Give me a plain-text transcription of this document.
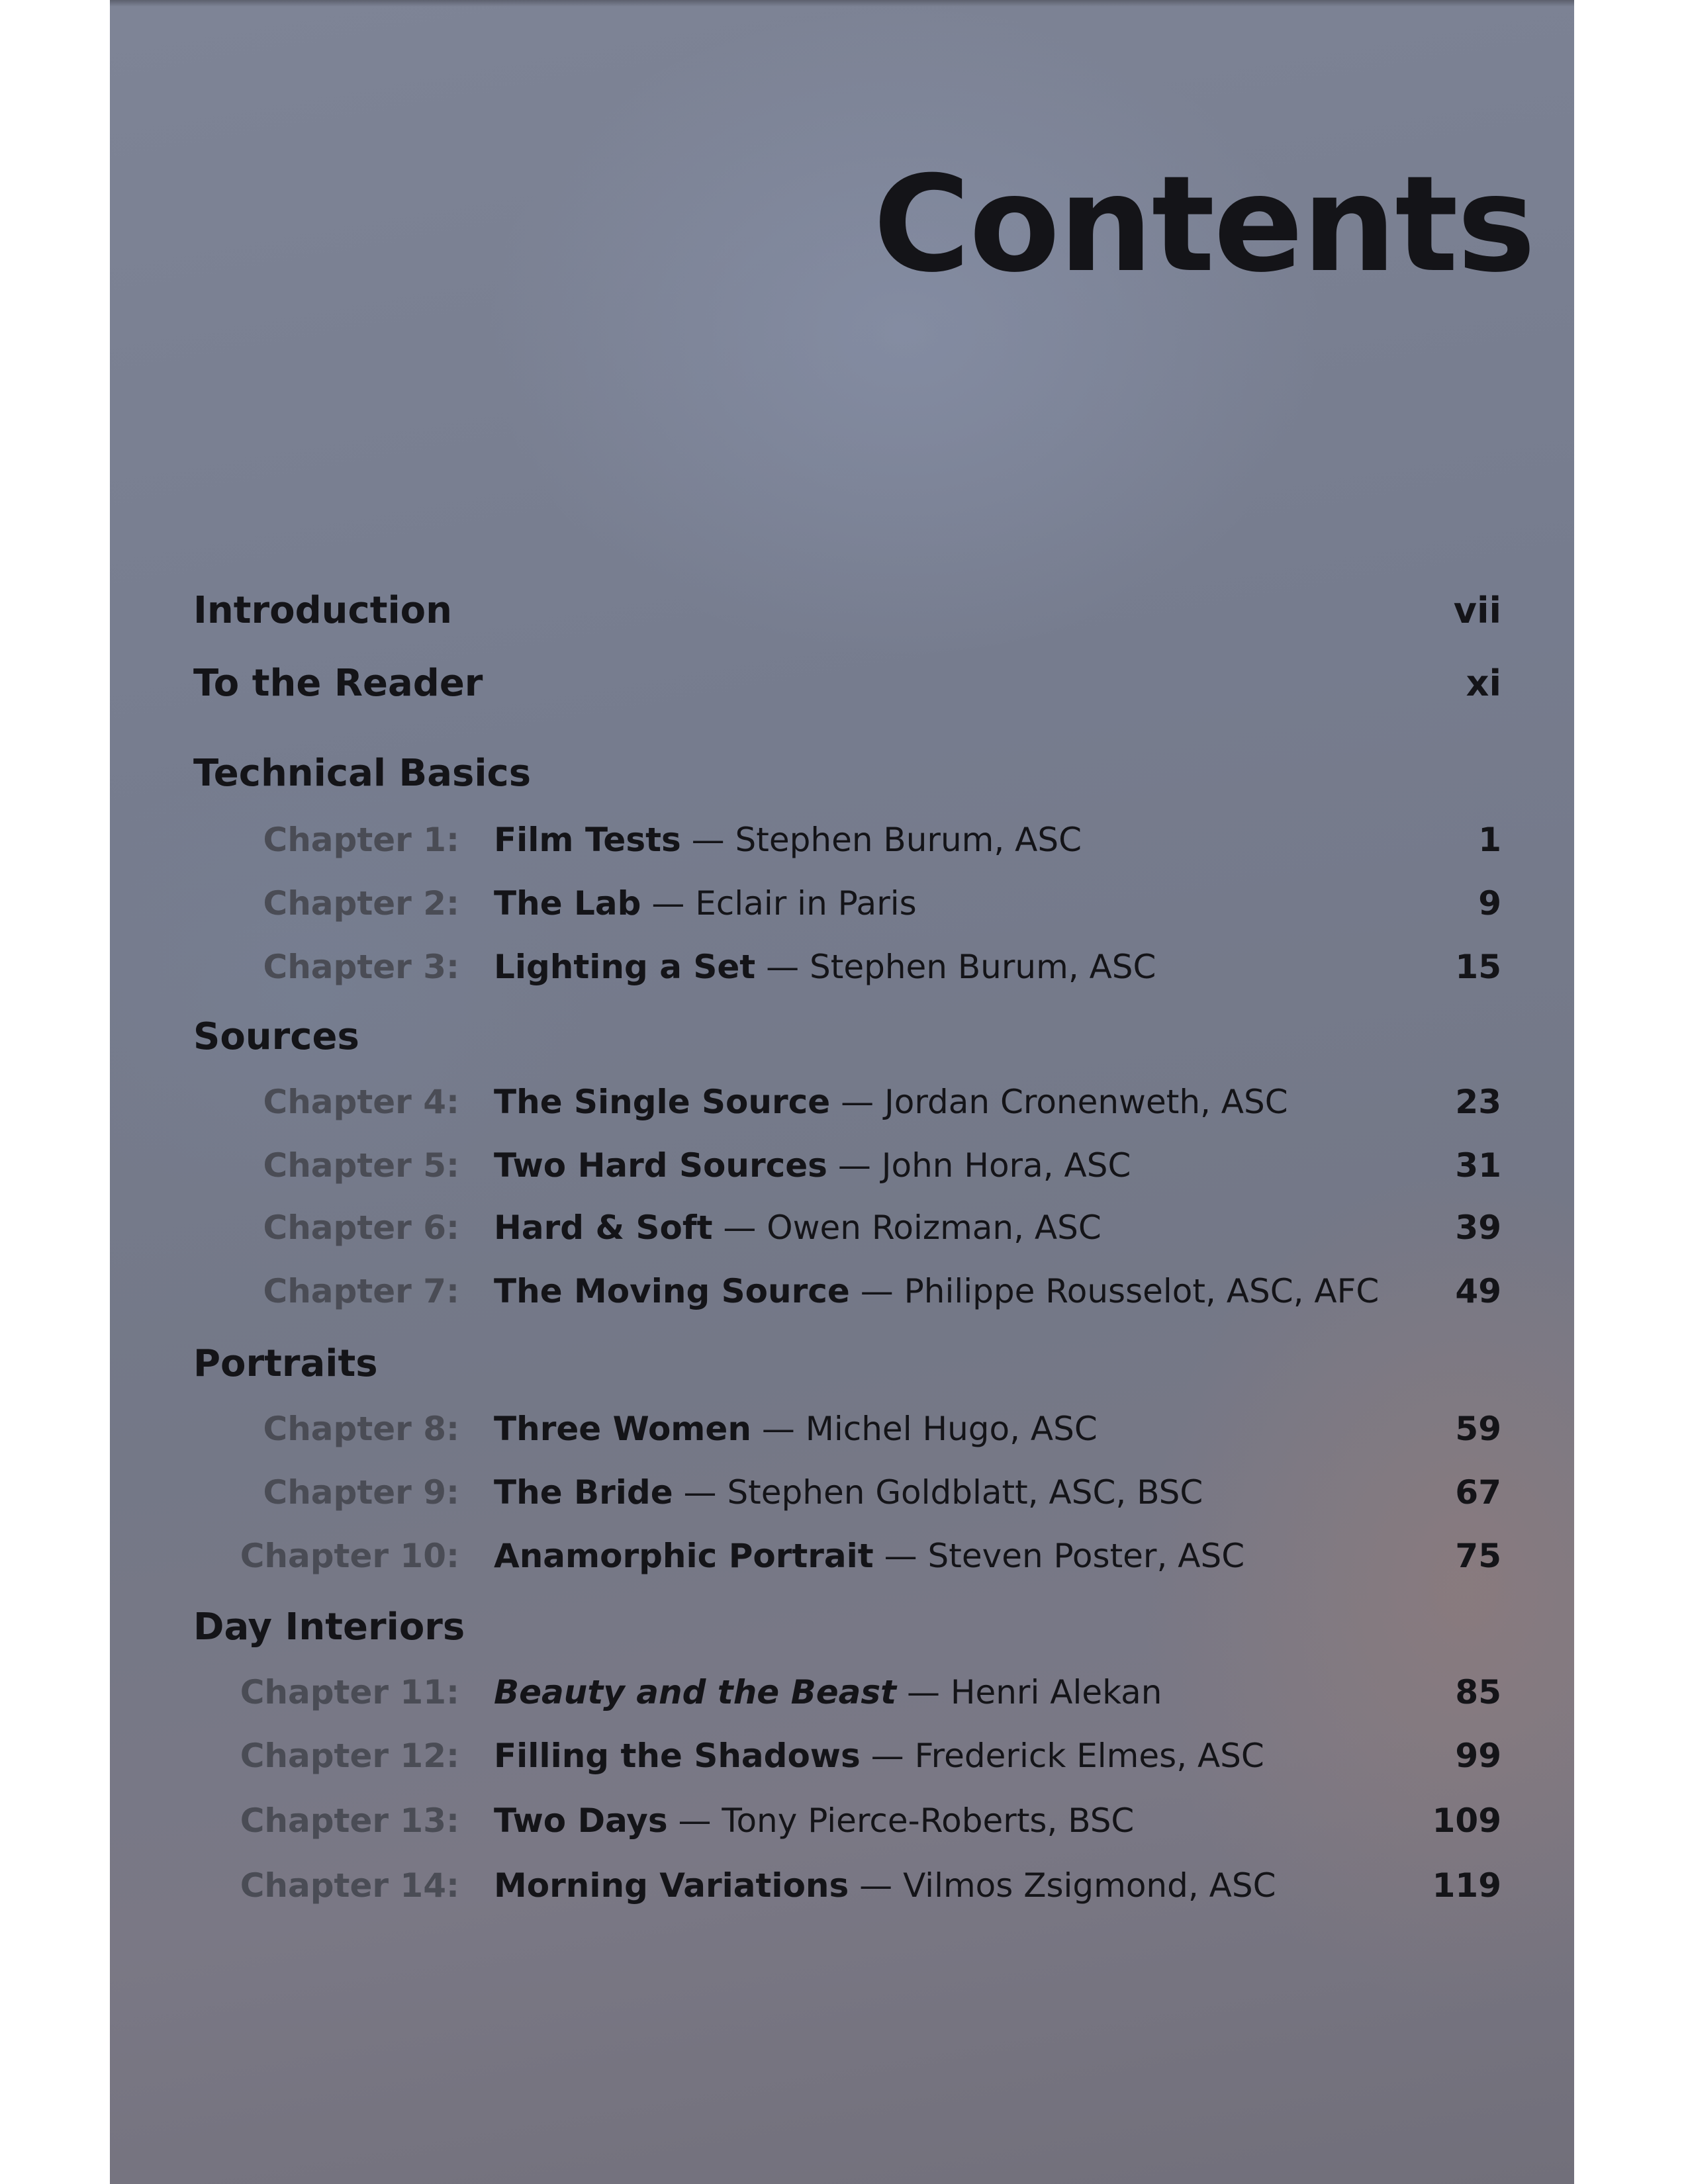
Contents
Introduction	vii
To the Reader	xi
Technical Basics
Chapter 1: Film Tests — Stephen Burum, ASC	1
Chapter 2: The Lab — Eclair in Paris	9
Chapter 3: Lighting a Set — Stephen Burum, ASC	15
Sources
Chapter 4: The Single Source — Jordan Cronenweth, ASC	23
Chapter 5: Two Hard Sources — John Hora, ASC	31
Chapter 6: Hard & Soft — Owen Roizman, ASC	39
Chapter 7: The Moving Source — Philippe Rousselot, ASC, AFC 49
Portraits
Chapter 8: Three Women — Michel Hugo, ASC	59
Chapter 9: The Bride — Stephen Goldblatt, ASC, BSC	67
Chapter 10: Anamorphic Portrait — Steven Poster, ASC	75
Day Interiors
Chapter 11: Beauty and the Beast — Henri Alekan	85
Chapter 12: Filling the Shadows — Frederick Elmes, ASC	99
Chapter 13: Two Days — Tony Pierce-Roberts, BSC	109
Chapter 14: Morning Variations — Vilmos Zsigmond, ASC	119
